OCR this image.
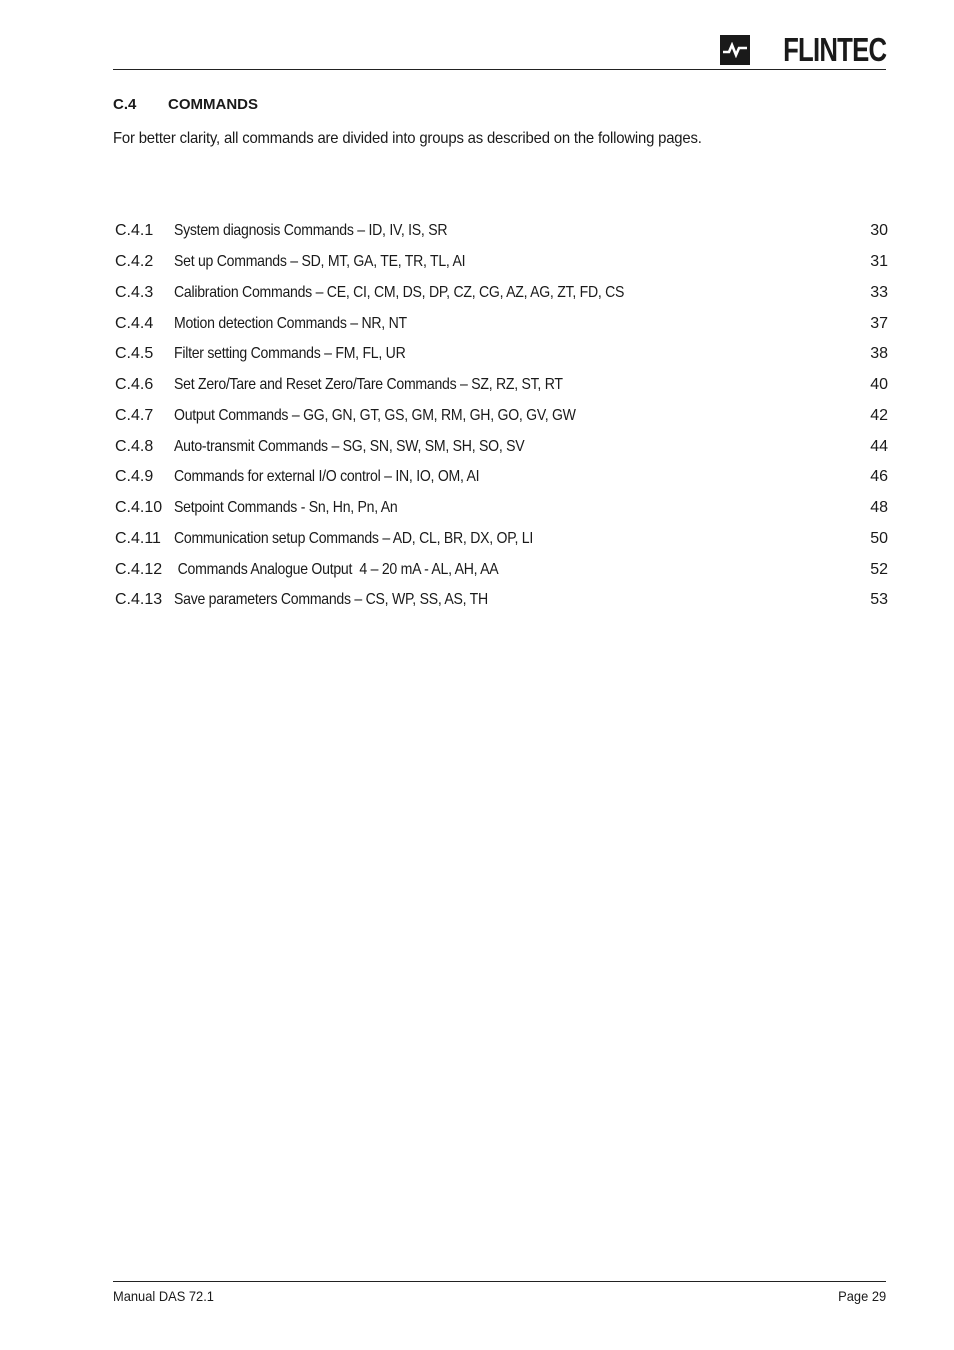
FLINTEC
C.4	COMMANDS
For better clarity, all commands are divided into groups as described on the following pages.
C.4.1	System diagnosis Commands – ID, IV, IS, SR	30
C.4.2	Set up Commands – SD, MT, GA, TE, TR, TL, AI	31
C.4.3	Calibration Commands – CE, CI, CM, DS, DP, CZ, CG, AZ, AG, ZT, FD, CS	33
C.4.4	Motion detection Commands – NR, NT	37
C.4.5	Filter setting Commands – FM, FL, UR	38
C.4.6	Set Zero/Tare and Reset Zero/Tare Commands – SZ, RZ, ST, RT	40
C.4.7	Output Commands – GG, GN, GT, GS, GM, RM, GH, GO, GV, GW	42
C.4.8	Auto-transmit Commands – SG, SN, SW, SM, SH, SO, SV	44
C.4.9	Commands for external I/O control – IN, IO, OM, AI	46
C.4.10 Setpoint Commands - Sn, Hn, Pn, An	48
C.4.11 Communication setup Commands – AD, CL, BR, DX, OP, LI	50
C.4.12 Commands Analogue Output  4 – 20 mA - AL, AH, AA	52
C.4.13 Save parameters Commands – CS, WP, SS, AS, TH	53
Manual DAS 72.1	Page 29
